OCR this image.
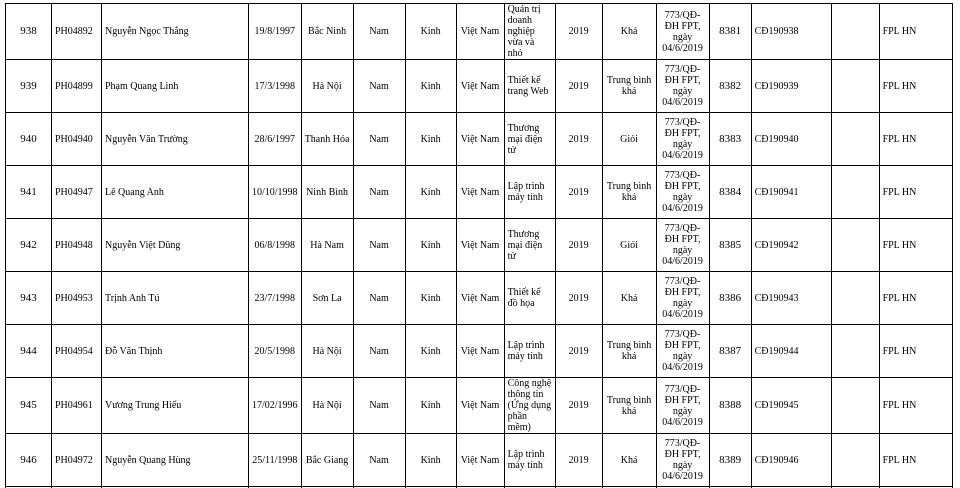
938	PH04892	Nguyễn Ngọc Thắng	19/8/1997	Bắc Ninh	Nam	Kinh	Việt Nam	Quản trị doanh nghiệp vừa và nhỏ	2019	Khá	773/QĐ-ĐH FPT, ngày 04/6/2019	8381	CĐ190938		FPL HN
939	PH04899	Phạm Quang Linh	17/3/1998	Hà Nội	Nam	Kinh	Việt Nam	Thiết kế trang Web	2019	Trung bình khá	773/QĐ-ĐH FPT, ngày 04/6/2019	8382	CĐ190939		FPL HN
940	PH04940	Nguyễn Văn Trường	28/6/1997	Thanh Hóa	Nam	Kinh	Việt Nam	Thương mại điện tử	2019	Giỏi	773/QĐ-ĐH FPT, ngày 04/6/2019	8383	CĐ190940		FPL HN
941	PH04947	Lê Quang Anh	10/10/1998	Ninh Bình	Nam	Kinh	Việt Nam	Lập trình máy tính	2019	Trung bình khá	773/QĐ-ĐH FPT, ngày 04/6/2019	8384	CĐ190941		FPL HN
942	PH04948	Nguyễn Việt Dũng	06/8/1998	Hà Nam	Nam	Kinh	Việt Nam	Thương mại điện tử	2019	Giỏi	773/QĐ-ĐH FPT, ngày 04/6/2019	8385	CĐ190942		FPL HN
943	PH04953	Trịnh Anh Tú	23/7/1998	Sơn La	Nam	Kinh	Việt Nam	Thiết kế đồ họa	2019	Khá	773/QĐ-ĐH FPT, ngày 04/6/2019	8386	CĐ190943		FPL HN
944	PH04954	Đỗ Văn Thịnh	20/5/1998	Hà Nội	Nam	Kinh	Việt Nam	Lập trình máy tính	2019	Trung bình khá	773/QĐ-ĐH FPT, ngày 04/6/2019	8387	CĐ190944		FPL HN
945	PH04961	Vương Trung Hiếu	17/02/1996	Hà Nội	Nam	Kinh	Việt Nam	Công nghệ thông tin (Ứng dụng phần mềm)	2019	Trung bình khá	773/QĐ-ĐH FPT, ngày 04/6/2019	8388	CĐ190945		FPL HN
946	PH04972	Nguyễn Quang Hùng	25/11/1998	Bắc Giang	Nam	Kinh	Việt Nam	Lập trình máy tính	2019	Khá	773/QĐ-ĐH FPT, ngày 04/6/2019	8389	CĐ190946		FPL HN
